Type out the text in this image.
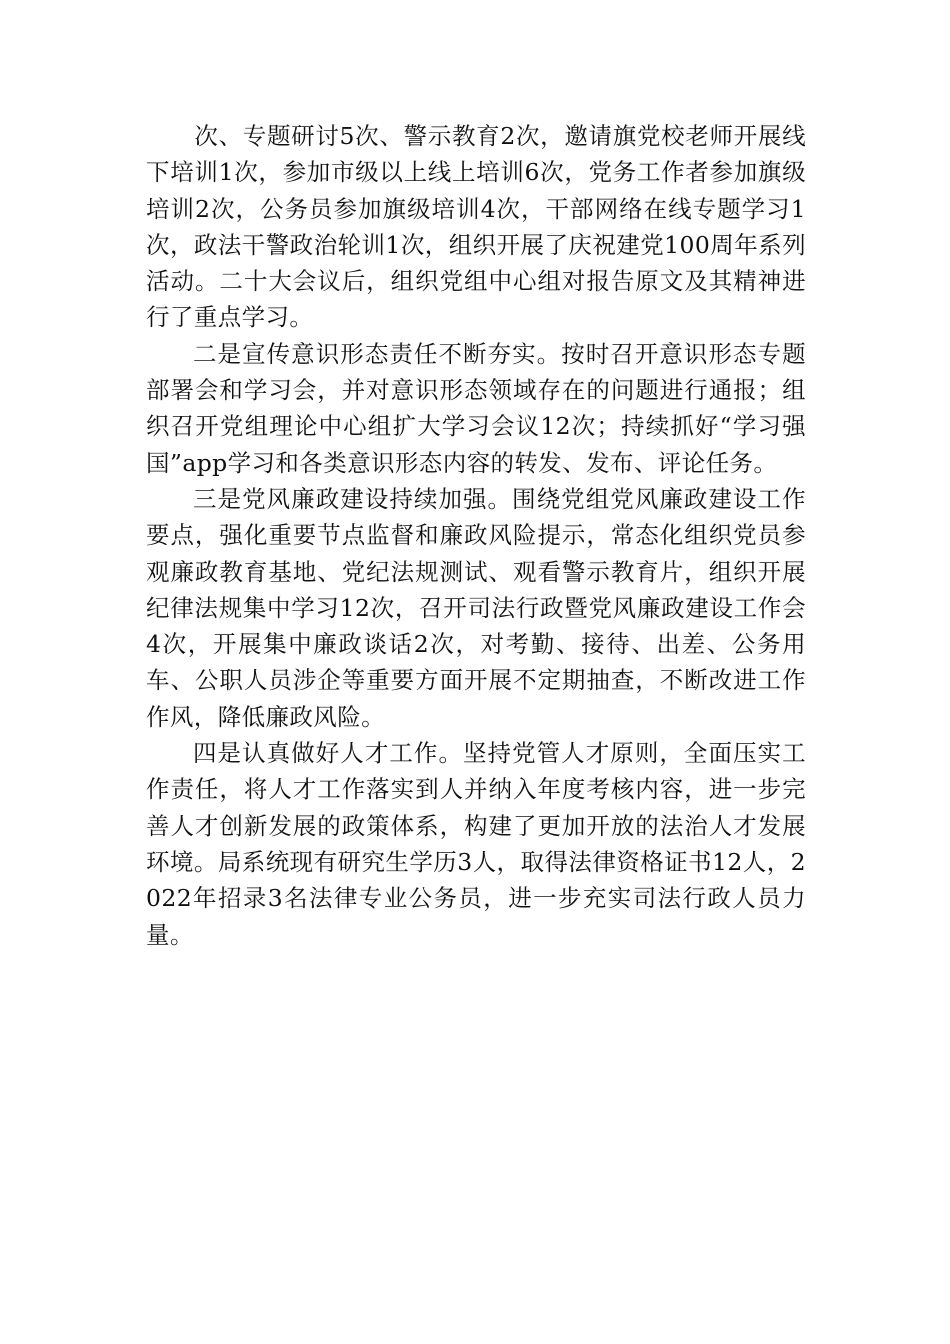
　　次、专题研讨5次、警示教育2次，邀请旗党校老师开展线下培训1次，参加市级以上线上培训6次，党务工作者参加旗级培训2次，公务员参加旗级培训4次，干部网络在线专题学习1次，政法干警政治轮训1次，组织开展了庆祝建党100周年系列活动。二十大会议后，组织党组中心组对报告原文及其精神进行了重点学习。

二是宣传意识形态责任不断夯实。按时召开意识形态专题部署会和学习会，并对意识形态领域存在的问题进行通报；组织召开党组理论中心组扩大学习会议12次；持续抓好“学习强国”app学习和各类意识形态内容的转发、发布、评论任务。

三是党风廉政建设持续加强。围绕党组党风廉政建设工作要点，强化重要节点监督和廉政风险提示，常态化组织党员参观廉政教育基地、党纪法规测试、观看警示教育片，组织开展纪律法规集中学习12次，召开司法行政暨党风廉政建设工作会4次，开展集中廉政谈话2次，对考勤、接待、出差、公务用车、公职人员涉企等重要方面开展不定期抽查，不断改进工作作风，降低廉政风险。

四是认真做好人才工作。坚持党管人才原则，全面压实工作责任，将人才工作落实到人并纳入年度考核内容，进一步完善人才创新发展的政策体系，构建了更加开放的法治人才发展环境。局系统现有研究生学历3人，取得法律资格证书12人，2022年招录3名法律专业公务员，进一步充实司法行政人员力量。
